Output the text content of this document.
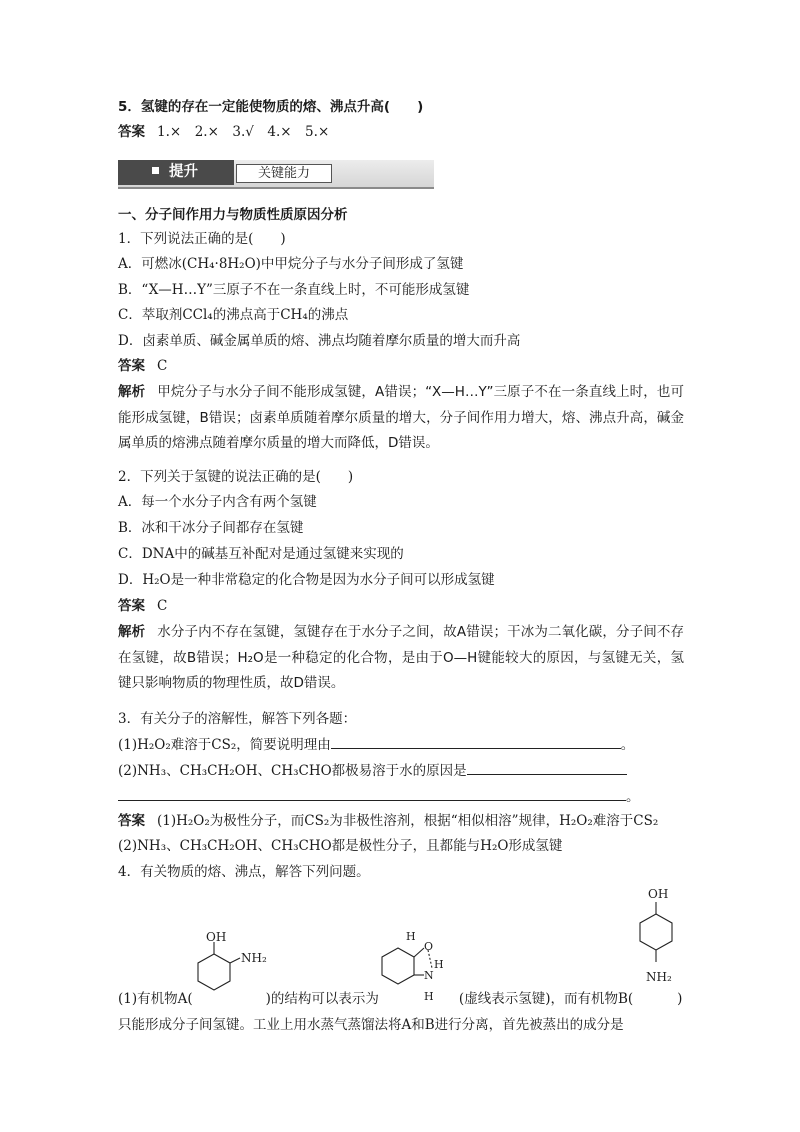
5．氢键的存在一定能使物质的熔、沸点升高(　　)
答案 1.×　2.×　3.√　4.×　5.×
提升	关键能力
一、分子间作用力与物质性质原因分析
1．下列说法正确的是(　　)
A．可燃冰(CH₄·8H₂O)中甲烷分子与水分子间形成了氢键
B．“X—H…Y”三原子不在一条直线上时，不可能形成氢键
C．萃取剂CCl₄的沸点高于CH₄的沸点
D．卤素单质、碱金属单质的熔、沸点均随着摩尔质量的增大而升高
答案 C
解析 甲烷分子与水分子间不能形成氢键，A错误；“X—H…Y”三原子不在一条直线上时，也可能形成氢键，B错误；卤素单质随着摩尔质量的增大，分子间作用力增大，熔、沸点升高，碱金属单质的熔沸点随着摩尔质量的增大而降低，D错误。
2．下列关于氢键的说法正确的是(　　)
A．每一个水分子内含有两个氢键
B．冰和干冰分子间都存在氢键
C．DNA中的碱基互补配对是通过氢键来实现的
D．H₂O是一种非常稳定的化合物是因为水分子间可以形成氢键
答案 C
解析 水分子内不存在氢键，氢键存在于水分子之间，故A错误；干冰为二氧化碳，分子间不存在氢键，故B错误；H₂O是一种稳定的化合物，是由于O—H键能较大的原因，与氢键无关，氢键只影响物质的物理性质，故D错误。
3．有关分子的溶解性，解答下列各题：
(1)H₂O₂难溶于CS₂，简要说明理由	。
(2)NH₃、CH₃CH₂OH、CH₃CHO都极易溶于水的原因是
。
答案 (1)H₂O₂为极性分子，而CS₂为非极性溶剂，根据“相似相溶”规律，H₂O₂难溶于CS₂
(2)NH₃、CH₃CH₂OH、CH₃CHO都是极性分子，且都能与H₂O形成氢键
4．有关物质的熔、沸点，解答下列问题。
OH
NH₂
H
O
H
N
H
OH
NH₂
(1)有机物A(	)的结构可以表示为	(虚线表示氢键)，而有机物B(	)
只能形成分子间氢键。工业上用水蒸气蒸馏法将A和B进行分离，首先被蒸出的成分是
